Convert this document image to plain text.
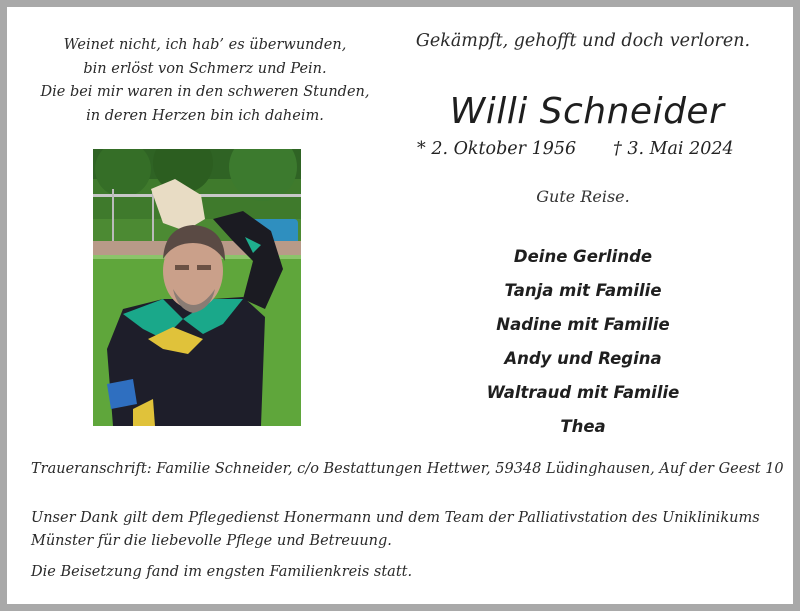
Weinet nicht, ich hab’ es überwunden,
bin erlöst von Schmerz und Pein.
Die bei mir waren in den schweren Stunden,
in deren Herzen bin ich daheim.
Gekämpft, gehofft und doch verloren.
Willi Schneider
* 2. Oktober 1956 † 3. Mai 2024
Gute Reise.
Deine Gerlinde
Tanja mit Familie
Nadine mit Familie
Andy und Regina
Waltraud mit Familie
Thea
Traueranschrift: Familie Schneider, c/o Bestattungen Hettwer, 59348 Lüdinghausen, Auf der Geest 10
Unser Dank gilt dem Pflegedienst Honermann und dem Team der Palliativstation des Uniklinikums
Münster für die liebevolle Pflege und Betreuung.
Die Beisetzung fand im engsten Familienkreis statt.
